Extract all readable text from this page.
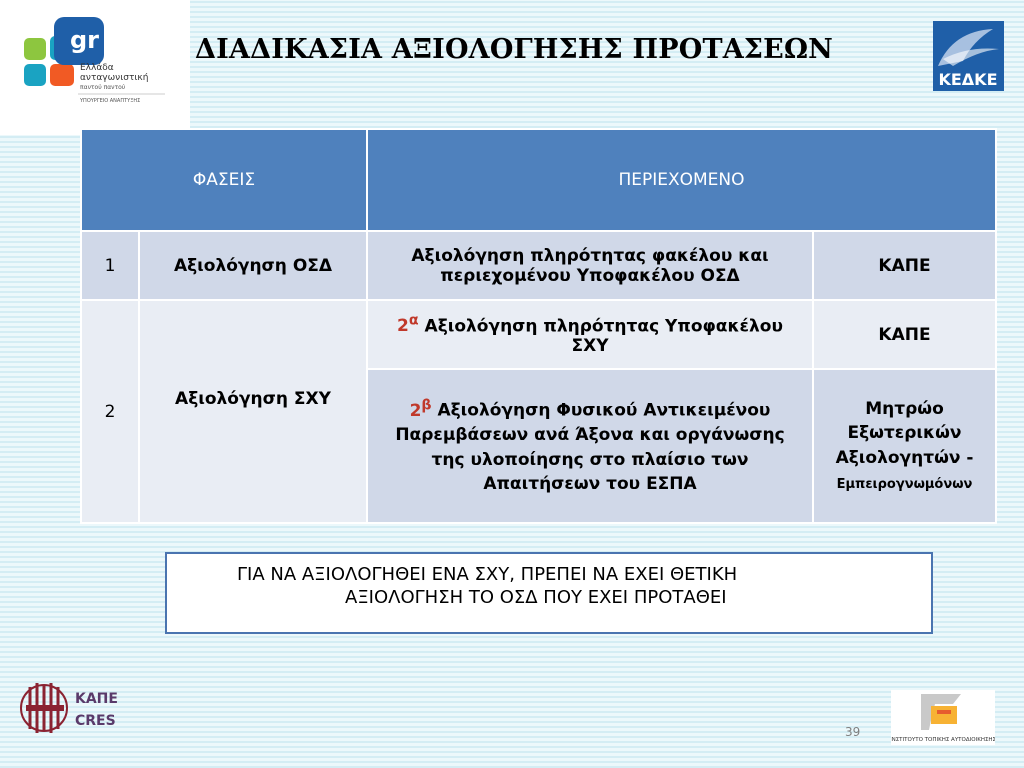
gr
Ελλάδα
ανταγωνιστική
παντού παντού
ΥΠΟΥΡΓΕΙΟ ΑΝΑΠΤΥΞΗΣ
ΔΙΑΔΙΚΑΣΙΑ ΑΞΙΟΛΟΓΗΣΗΣ ΠΡΟΤΑΣΕΩΝ
ΚΕΔΚΕ
ΦΑΣΕΙΣ		ΠΕΡΙΕΧΟΜΕΝΟ	
1	Αξιολόγηση ΟΣΔ	Αξιολόγηση πληρότητας φακέλου και περιεχομένου Υποφακέλου ΟΣΔ	ΚΑΠΕ
2	Αξιολόγηση ΣΧΥ	$2^\alpha$ Αξιολόγηση πληρότητας Υποφακέλου ΣΧΥ	ΚΑΠΕ
		$2^\beta$ Αξιολόγηση Φυσικού Αντικειμένου Παρεμβάσεων ανά Άξονα και οργάνωσης της υλοποίησης στο πλαίσιο των Απαιτήσεων του ΕΣΠΑ	Μητρώο Εξωτερικών Αξιολογητών -
Εμπειρογνωμόνων
ΓΙΑ ΝΑ ΑΞΙΟΛΟΓΗΘΕΙ ΕΝΑ ΣΧΥ, ΠΡΕΠΕΙ ΝΑ ΕΧΕΙ ΘΕΤΙΚΗ
ΑΞΙΟΛΟΓΗΣΗ ΤΟ ΟΣΔ ΠΟΥ ΕΧΕΙ ΠΡΟΤΑΘΕΙ
ΚΑΠΕ
CRES
39
ΙΝΣΤΙΤΟΥΤΟ ΤΟΠΙΚΗΣ ΑΥΤΟΔΙΟΙΚΗΣΗΣ
